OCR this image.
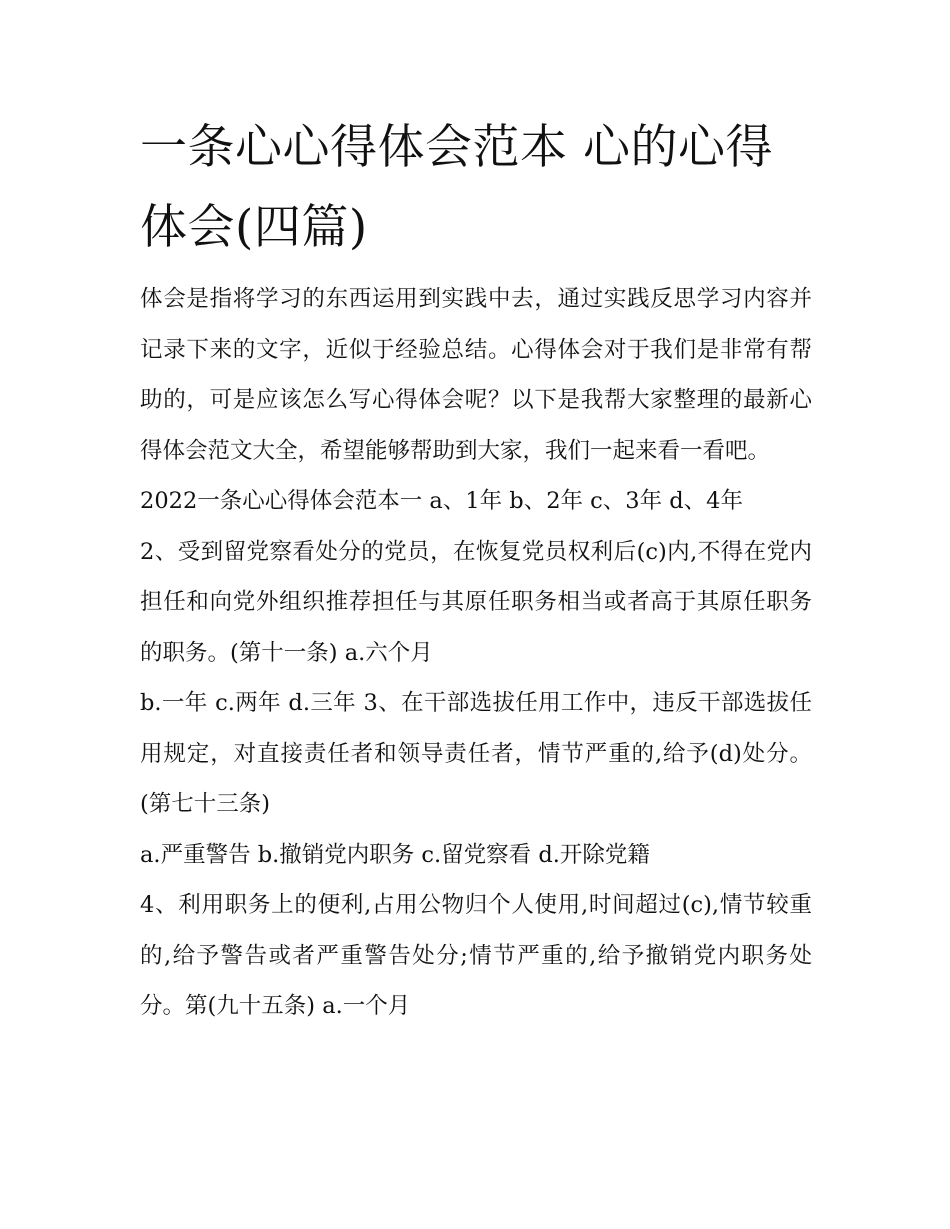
一条心心得体会范本 心的心得体会(四篇)

体会是指将学习的东西运用到实践中去，通过实践反思学习内容并记录下来的文字，近似于经验总结。心得体会对于我们是非常有帮助的，可是应该怎么写心得体会呢？以下是我帮大家整理的最新心得体会范文大全，希望能够帮助到大家，我们一起来看一看吧。

2022一条心心得体会范本一 a、1年 b、2年 c、3年 d、4年

2、受到留党察看处分的党员，在恢复党员权利后(c)内,不得在党内担任和向党外组织推荐担任与其原任职务相当或者高于其原任职务的职务。(第十一条) a.六个月

b.一年 c.两年 d.三年 3、在干部选拔任用工作中，违反干部选拔任用规定，对直接责任者和领导责任者，情节严重的,给予(d)处分。(第七十三条)

a.严重警告 b.撤销党内职务 c.留党察看 d.开除党籍

4、利用职务上的便利,占用公物归个人使用,时间超过(c),情节较重的,给予警告或者严重警告处分;情节严重的,给予撤销党内职务处分。第(九十五条) a.一个月
